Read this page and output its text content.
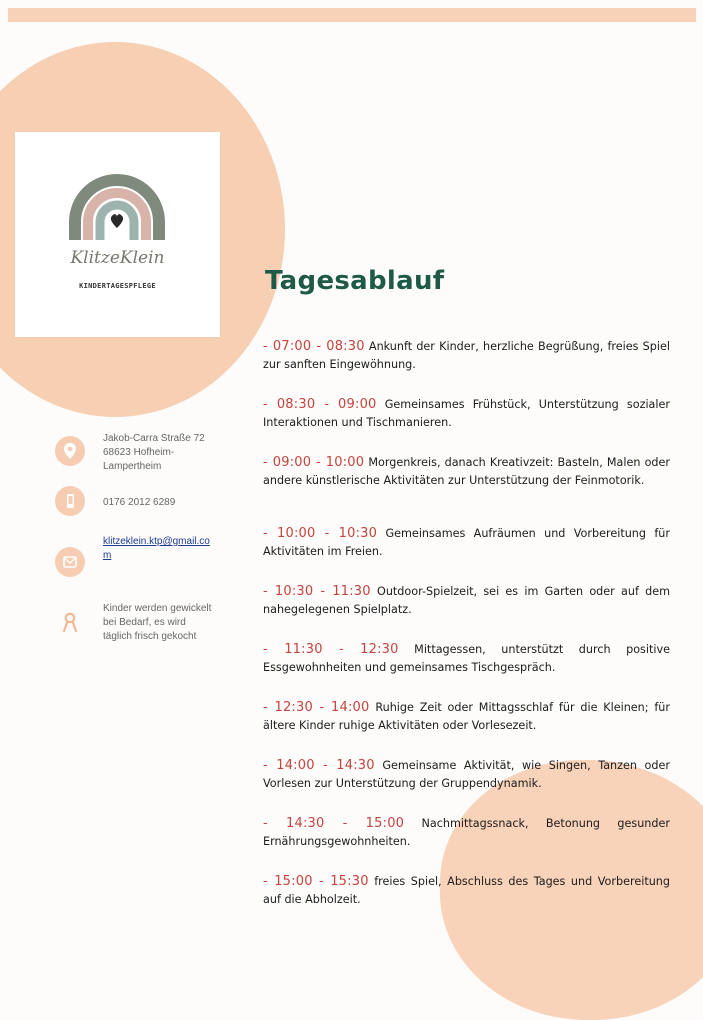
KlitzeKlein
KINDERTAGESPFLEGE
Jakob-Carra Straße 72
68623 Hofheim-
Lampertheim
0176 2012 6289
klitzeklein.ktp@gmail.co
m
Kinder werden gewickelt
bei Bedarf, es wird
täglich frisch gekocht
Tagesablauf
- 07:00 - 08:30 Ankunft der Kinder, herzliche Begrüßung, freies Spiel zur sanften Eingewöhnung.
- 08:30 - 09:00 Gemeinsames Frühstück, Unterstützung sozialer Interaktionen und Tischmanieren.
- 09:00 - 10:00 Morgenkreis, danach Kreativzeit: Basteln, Malen oder andere künstlerische Aktivitäten zur Unterstützung der Feinmotorik.
- 10:00 - 10:30 Gemeinsames Aufräumen und Vorbereitung für Aktivitäten im Freien.
- 10:30 - 11:30 Outdoor-Spielzeit, sei es im Garten oder auf dem nahegelegenen Spielplatz.
- 11:30 - 12:30 Mittagessen, unterstützt durch positive Essgewohnheiten und gemeinsames Tischgespräch.
- 12:30 - 14:00 Ruhige Zeit oder Mittagsschlaf für die Kleinen; für ältere Kinder ruhige Aktivitäten oder Vorlesezeit.
- 14:00 - 14:30 Gemeinsame Aktivität, wie Singen, Tanzen oder Vorlesen zur Unterstützung der Gruppendynamik.
- 14:30 - 15:00 Nachmittagssnack, Betonung gesunder Ernährungsgewohnheiten.
- 15:00 - 15:30 freies Spiel, Abschluss des Tages und Vorbereitung auf die Abholzeit.
